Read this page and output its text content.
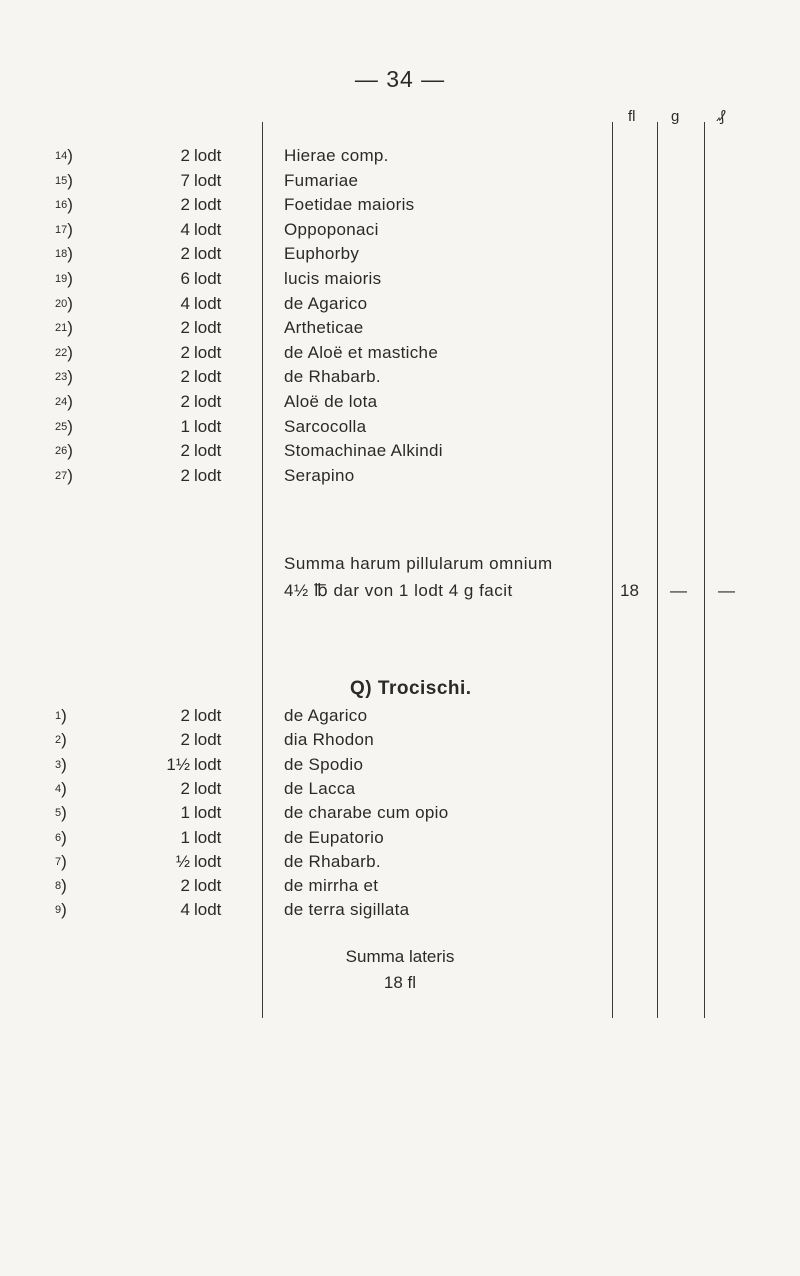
— 34 —
fl g	₰
14 )	2 lodt	Hierae comp.
15 )	7 lodt	Fumariae
16 )	2 lodt	Foetidae maioris
17 )	4 lodt	Oppoponaci
18 )	2 lodt	Euphorby
19 )	6 lodt	lucis maioris
20 )	4 lodt	de Agarico
21 )	2 lodt	Artheticae
22 )	2 lodt	de Aloë et mastiche
23 )	2 lodt	de Rhabarb.
24 )	2 lodt	Aloë de lota
25 )	1 lodt	Sarcocolla
26 )	2 lodt	Stomachinae Alkindi
27 )	2 lodt	Serapino
Summa harum pillularum omnium
4½ ℔ dar von 1 lodt 4 g facit	18 — —
Q) Trocischi.
1 )	2 lodt	de Agarico
2 )	2 lodt	dia Rhodon
3 )	1½ lodt	de Spodio
4 )	2 lodt	de Lacca
5 )	1 lodt	de charabe cum opio
6 )	1 lodt	de Eupatorio
7 )	½ lodt	de Rhabarb.
8 )	2 lodt	de mirrha et
9 )	4 lodt	de terra sigillata
Summa lateris
18 fl
